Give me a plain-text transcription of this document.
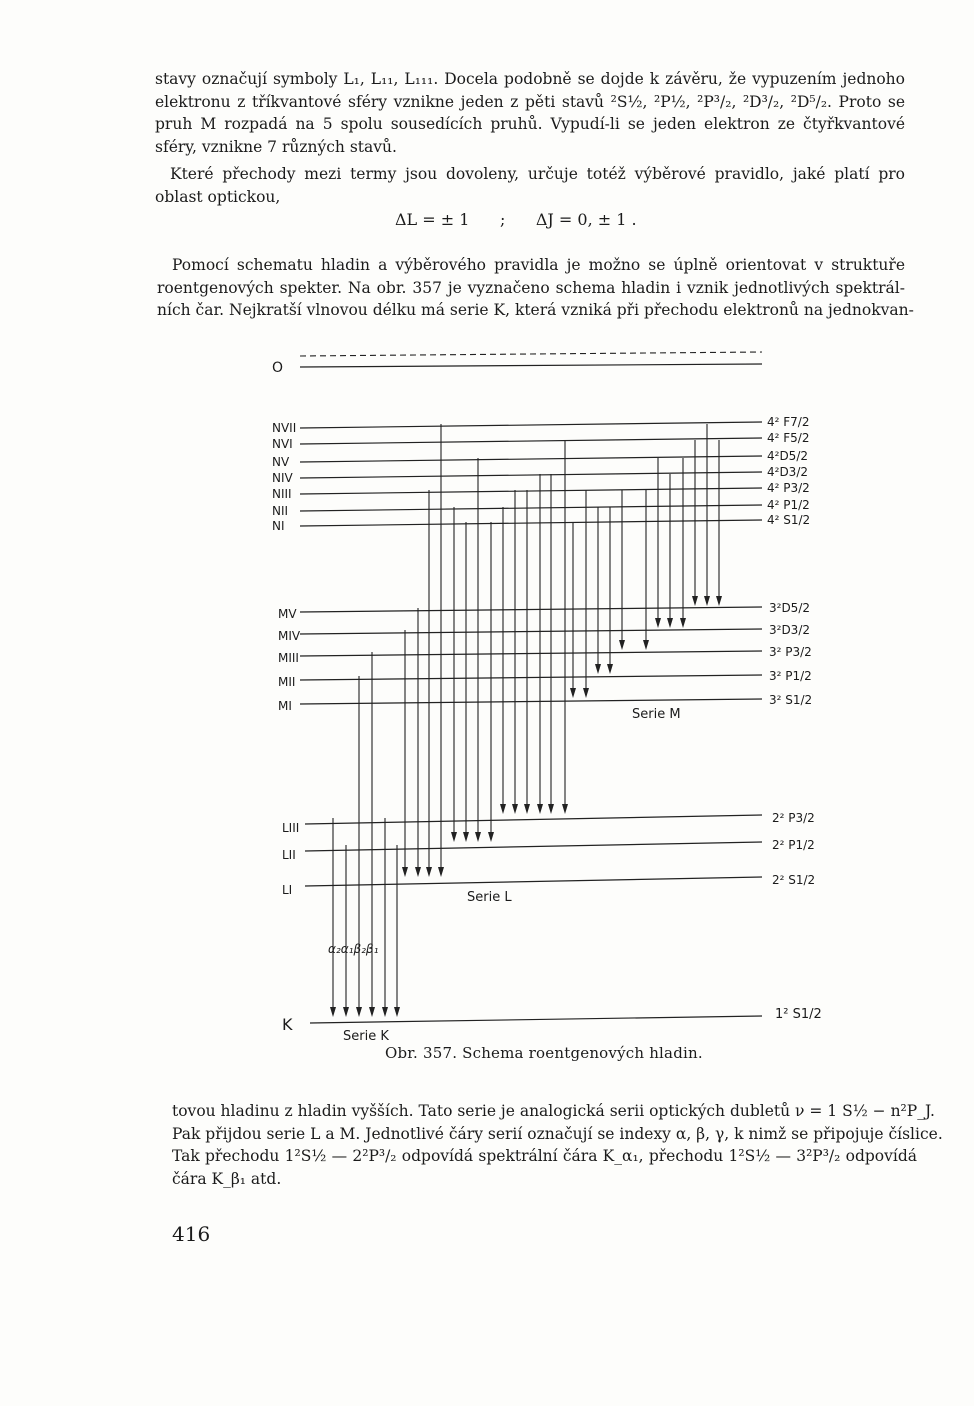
stavy označují symboly L₁, L₁₁, L₁₁₁. Docela podobně se dojde k závěru, že vypuzením jednoho
elektronu z tříkvantové sféry vznikne jeden z pěti stavů ²S½, ²P½, ²P³/₂, ²D³/₂, ²D⁵/₂. Proto se
pruh M rozpadá na 5 spolu sousedících pruhů. Vypudí-li se jeden elektron ze čtyřkvantové
sféry, vznikne 7 různých stavů.
Které přechody mezi termy jsou dovoleny, určuje totéž výběrové pravidlo, jaké platí pro
oblast optickou,
ΔL = ± 1      ;      ΔJ = 0, ± 1 .
Pomocí schematu hladin a výběrového pravidla je možno se úplně orientovat v struktuře
roentgenových spekter. Na obr. 357 je vyznačeno schema hladin i vznik jednotlivých spektrál-
ních čar. Nejkratší vlnovou délku má serie K, která vzniká při přechodu elektronů na jednokvan-
O
NVII	4² F7/2
NVI	4² F5/2
NV	4²D5/2
NIV	4²D3/2
NIII	4² P3/2
NII	4² P1/2
NI	4² S1/2
MV	3²D5/2
MIV	3²D3/2
MIII	3² P3/2
MII	3² P1/2
MI	3² S1/2
LIII
2² P3/2
LII
2² P1/2
LI
2² S1/2
K
1² S1/2
Serie M
Serie L
Serie K
α₂α₁β₂β₁
Obr. 357. Schema roentgenových hladin.
tovou hladinu z hladin vyšších. Tato serie je analogická serii optických dubletů ν = 1 S½ − n²P_J.
Pak přijdou serie L a M. Jednotlivé čáry serií označují se indexy α, β, γ, k nimž se připojuje číslice.
Tak přechodu 1²S½ — 2²P³/₂ odpovídá spektrální čára K_α₁, přechodu 1²S½ — 3²P³/₂ odpovídá
čára K_β₁ atd.
416
